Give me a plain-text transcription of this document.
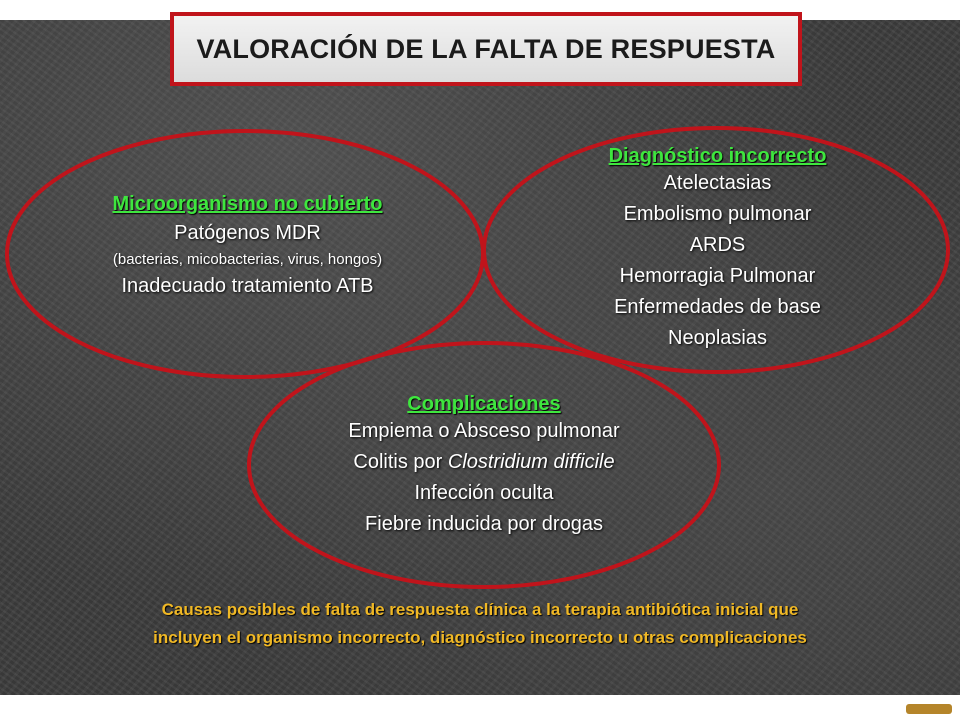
VALORACIÓN DE LA FALTA DE RESPUESTA
Microorganismo no cubierto
Patógenos MDR
(bacterias, micobacterias, virus, hongos)
Inadecuado tratamiento ATB
Diagnóstico incorrecto
Atelectasias
Embolismo pulmonar
ARDS
Hemorragia Pulmonar
Enfermedades de base
Neoplasias
Complicaciones
Empiema o Absceso pulmonar
Colitis por Clostridium difficile
Infección oculta
Fiebre inducida por drogas
Causas posibles de falta de respuesta clínica a la terapia antibiótica inicial que
incluyen el organismo incorrecto, diagnóstico incorrecto u otras complicaciones
